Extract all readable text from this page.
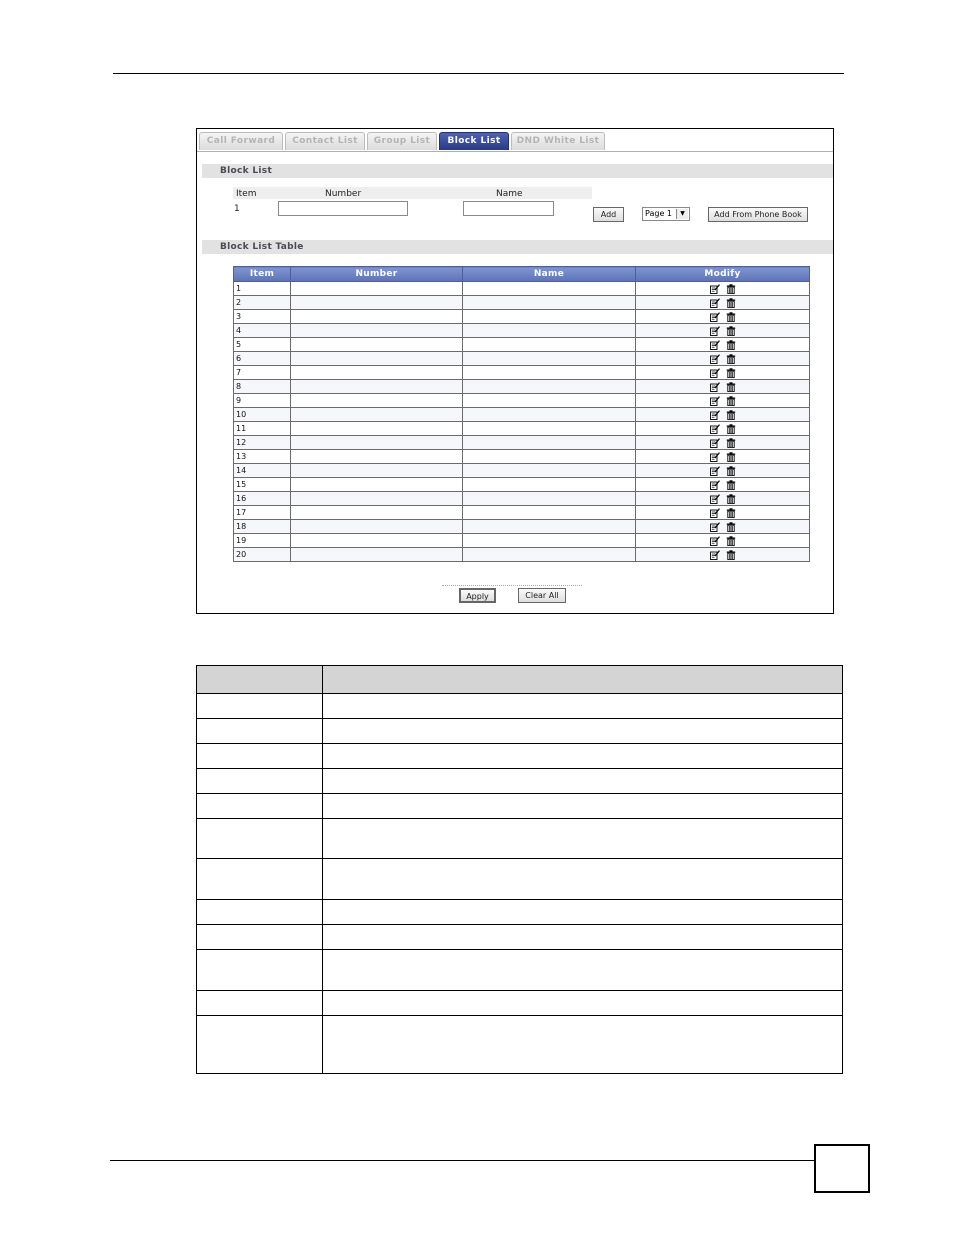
Call Forward	Contact List	Group List	Block List	DND White List
Block List
Item	Number	Name
1
Add	Page 1	▼	Add From Phone Book
Block List Table
Item	Number	Name	Modify
1			
2			
3			
4			
5			
6			
7			
8			
9			
10			
11			
12			
13			
14			
15			
16			
17			
18			
19			
20			
Apply	Clear All
